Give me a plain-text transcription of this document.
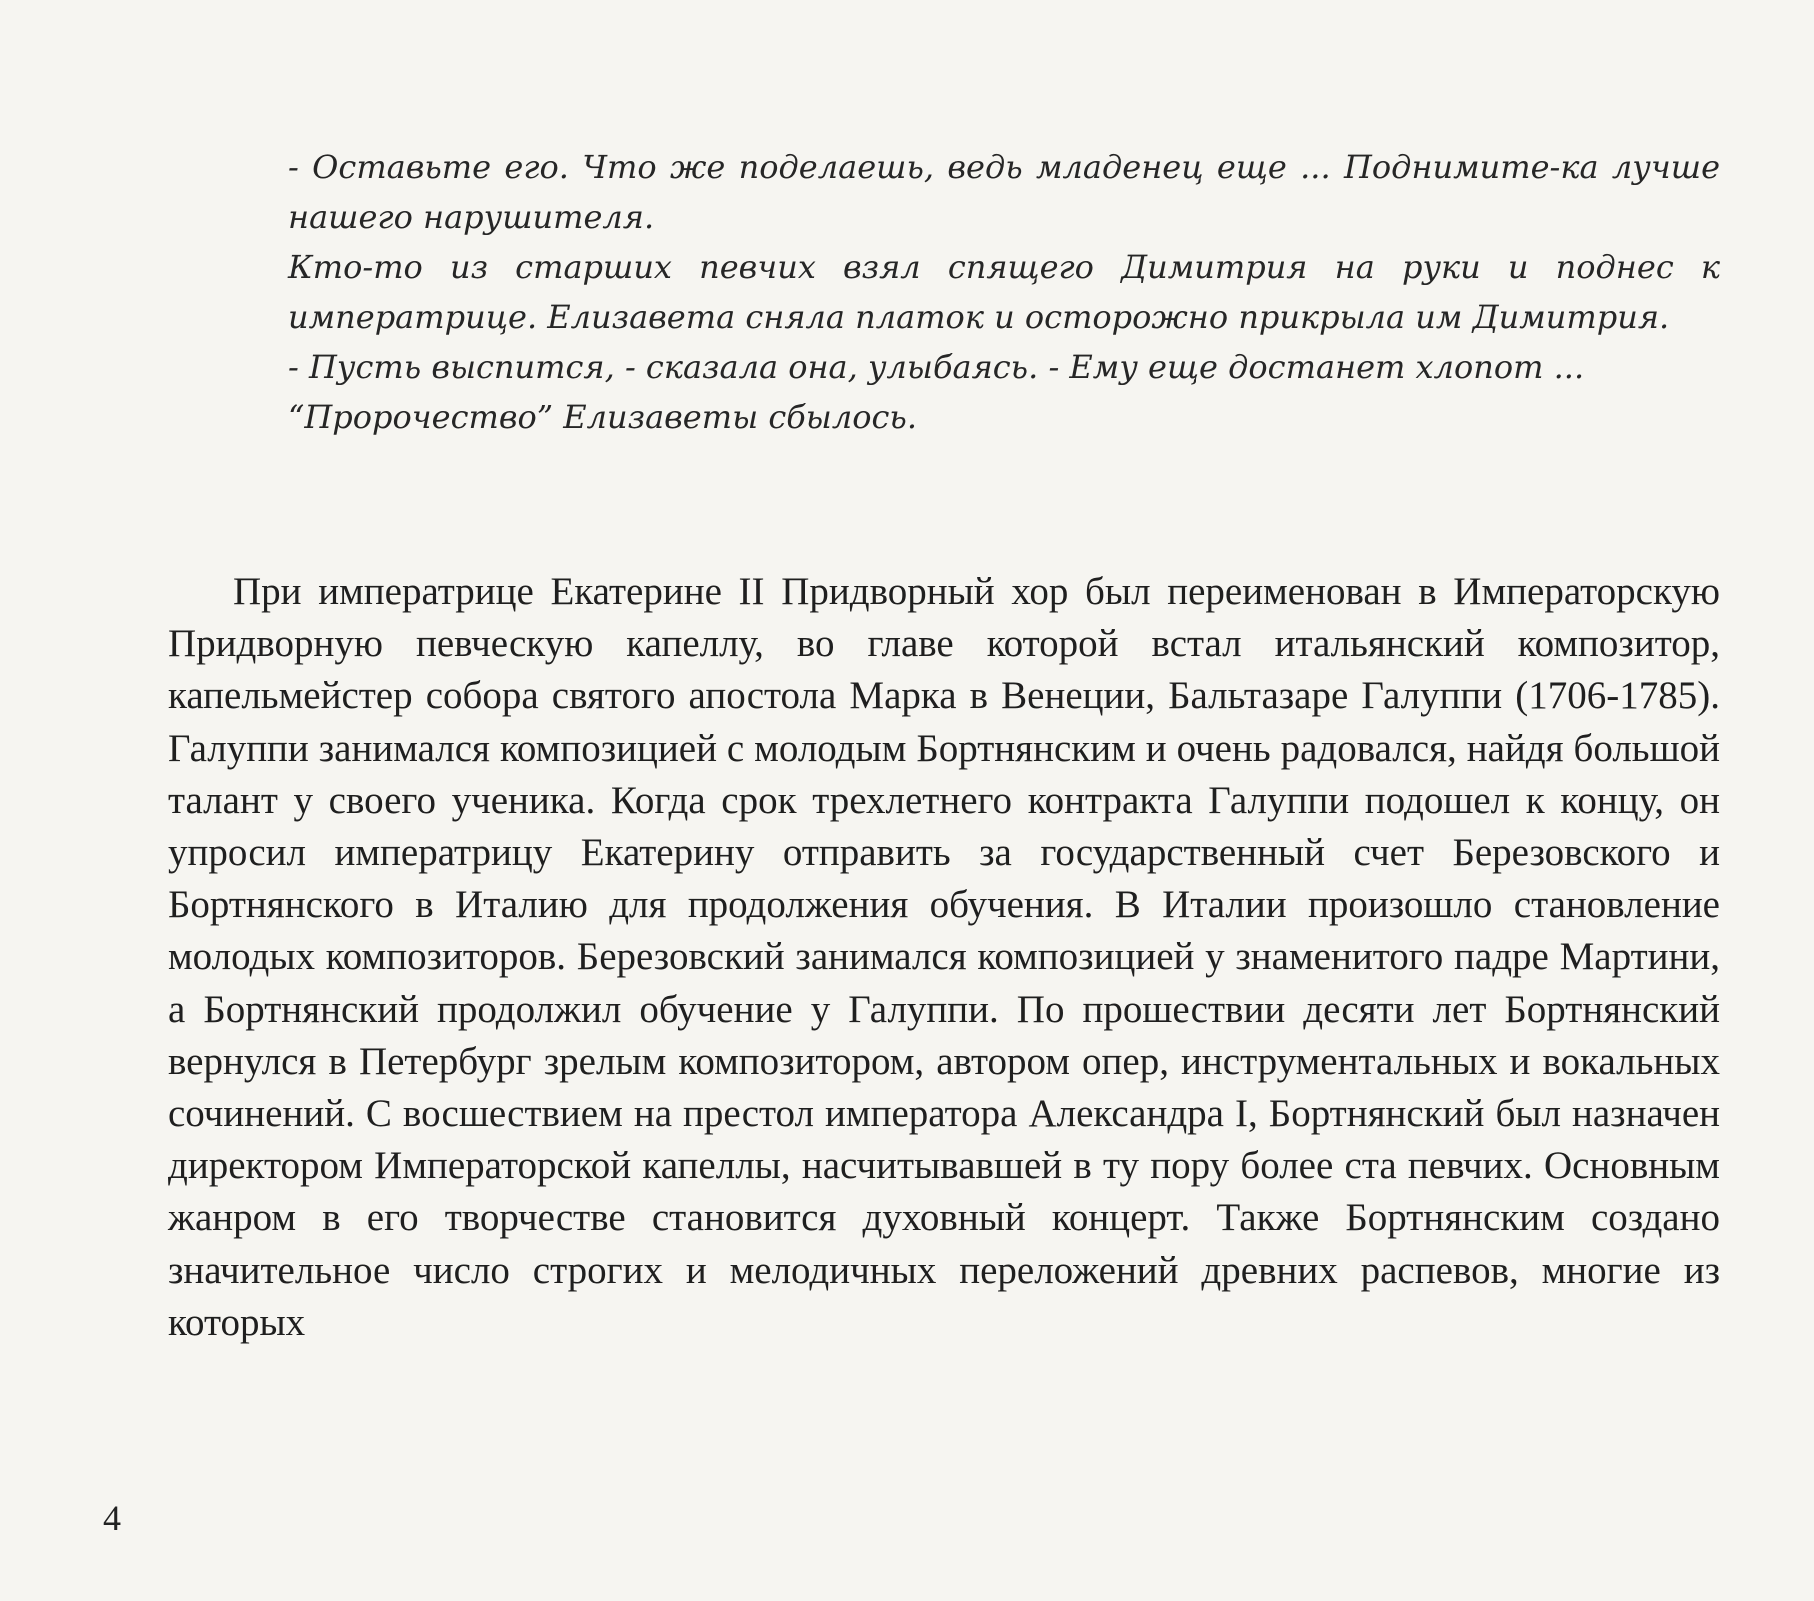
- Оставьте его. Что же поделаешь, ведь младенец еще ... Поднимите-ка лучше нашего нарушителя.

Кто-то из старших певчих взял спящего Димитрия на руки и поднес к императрице. Елизавета сняла платок и осторожно прикрыла им Димитрия.

- Пусть выспится, - сказала она, улыбаясь. - Ему еще достанет хлопот ...

“Пророчество” Елизаветы сбылось.

При императрице Екатерине II Придворный хор был переименован в Императорскую Придворную певческую капеллу, во главе которой встал итальянский композитор, капельмейстер собора святого апостола Марка в Венеции, Бальтазаре Галуппи (1706-1785). Галуппи занимался композицией с молодым Бортнянским и очень радовался, найдя большой талант у своего ученика. Когда срок трехлетнего контракта Галуппи подошел к концу, он упросил императрицу Екатерину отправить за государственный счет Березовского и Бортнянского в Италию для продолжения обучения. В Италии произошло становление молодых композиторов. Березовский занимался композицией у знаменитого падре Мартини, а Бортнянский продолжил обучение у Галуппи. По прошествии десяти лет Бортнянский вернулся в Петербург зрелым композитором, автором опер, инструментальных и вокальных сочинений. С восшествием на престол императора Александра I, Бортнянский был назначен директором Императорской капеллы, насчитывавшей в ту пору более ста певчих. Основным жанром в его творчестве становится духовный концерт. Также Бортнянским создано значительное число строгих и мелодичных переложений древних распевов, многие из которых

4
